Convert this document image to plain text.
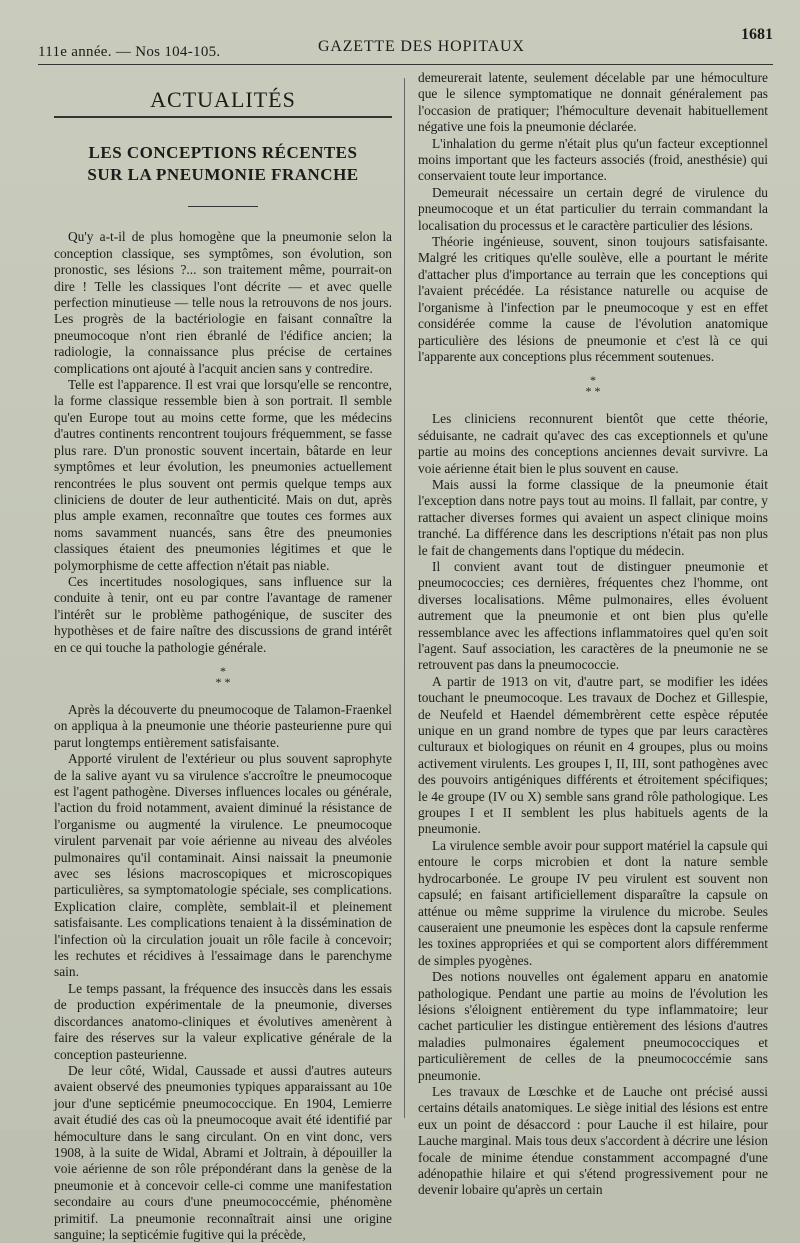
111e année. — Nos 104-105.	GAZETTE DES HOPITAUX
1681
ACTUALITÉS
LES CONCEPTIONS RÉCENTES
SUR LA PNEUMONIE FRANCHE

Qu'y a-t-il de plus homogène que la pneumonie selon la conception classique, ses symptômes, son évolution, son pronostic, ses lésions ?... son traitement même, pourrait-on dire ! Telle les classiques l'ont décrite — et avec quelle perfection minutieuse — telle nous la retrouvons de nos jours. Les progrès de la bactériologie en faisant connaître la pneumocoque n'ont rien ébranlé de l'édifice ancien; la radiologie, la connaissance plus précise de certaines complications ont ajouté à l'acquit ancien sans y contredire.

Telle est l'apparence. Il est vrai que lorsqu'elle se rencontre, la forme classique ressemble bien à son portrait. Il semble qu'en Europe tout au moins cette forme, que les médecins d'autres continents rencontrent toujours fréquemment, se fasse plus rare. D'un pronostic souvent incertain, bâtarde en leur symptômes et leur évolution, les pneumonies actuellement rencontrées le plus souvent ont permis quelque temps aux cliniciens de douter de leur authenticité. Mais on dut, après plus ample examen, reconnaître que toutes ces formes aux noms savamment nuancés, sans être des pneumonies classiques étaient des pneumonies légitimes et que le polymorphisme de cette affection n'était pas niable.

Ces incertitudes nosologiques, sans influence sur la conduite à tenir, ont eu par contre l'avantage de ramener l'intérêt sur le problème pathogénique, de susciter des hypothèses et de faire naître des discussions de grand intérêt en ce qui touche la pathologie générale.

*
* *

Après la découverte du pneumocoque de Talamon-Fraenkel on appliqua à la pneumonie une théorie pasteurienne pure qui parut longtemps entièrement satisfaisante.

Apporté virulent de l'extérieur ou plus souvent saprophyte de la salive ayant vu sa virulence s'accroître le pneumocoque est l'agent pathogène. Diverses influences locales ou générale, l'action du froid notamment, avaient diminué la résistance de l'organisme ou augmenté la virulence. Le pneumocoque virulent parvenait par voie aérienne au niveau des alvéoles pulmonaires qu'il contaminait. Ainsi naissait la pneumonie avec ses lésions macroscopiques et microscopiques particulières, sa symptomatologie spéciale, ses complications. Explication claire, complète, semblait-il et pleinement satisfaisante. Les complications tenaient à la dissémination de l'infection où la circulation jouait un rôle facile à concevoir; les rechutes et récidives à l'essaimage dans le parenchyme sain.

Le temps passant, la fréquence des insuccès dans les essais de production expérimentale de la pneumonie, diverses discordances anatomo-cliniques et évolutives amenèrent à faire des réserves sur la valeur explicative générale de la conception pasteurienne.

De leur côté, Widal, Caussade et aussi d'autres auteurs avaient observé des pneumonies typiques apparaissant au 10e jour d'une septicémie pneumococcique. En 1904, Lemierre avait étudié des cas où la pneumocoque avait été identifié par hémoculture dans le sang circulant. On en vint donc, vers 1908, à la suite de Widal, Abrami et Joltrain, à dépouiller la voie aérienne de son rôle prépondérant dans la genèse de la pneumonie et à concevoir celle-ci comme une manifestation secondaire au cours d'une pneumococcémie, phénomène primitif. La pneumonie reconnaîtrait ainsi une origine sanguine; la septicémie fugitive qui la précède,

demeurerait latente, seulement décelable par une hémoculture que le silence symptomatique ne donnait généralement pas l'occasion de pratiquer; l'hémoculture devenait habituellement négative une fois la pneumonie déclarée.

L'inhalation du germe n'était plus qu'un facteur exceptionnel moins important que les facteurs associés (froid, anesthésie) qui conservaient toute leur importance.

Demeurait nécessaire un certain degré de virulence du pneumocoque et un état particulier du terrain commandant la localisation du processus et le caractère particulier des lésions.

Théorie ingénieuse, souvent, sinon toujours satisfaisante. Malgré les critiques qu'elle soulève, elle a pourtant le mérite d'attacher plus d'importance au terrain que les conceptions qui l'avaient précédée. La résistance naturelle ou acquise de l'organisme à l'infection par le pneumocoque y est en effet considérée comme la cause de l'évolution anatomique particulière des lésions de pneumonie et c'est là ce qui l'apparente aux conceptions plus récemment soutenues.

*
* *

Les cliniciens reconnurent bientôt que cette théorie, séduisante, ne cadrait qu'avec des cas exceptionnels et qu'une partie au moins des conceptions anciennes devait survivre. La voie aérienne était bien le plus souvent en cause.

Mais aussi la forme classique de la pneumonie était l'exception dans notre pays tout au moins. Il fallait, par contre, y rattacher diverses formes qui avaient un aspect clinique moins tranché. La différence dans les descriptions n'était pas non plus le fait de changements dans l'optique du médecin.

Il convient avant tout de distinguer pneumonie et pneumococcies; ces dernières, fréquentes chez l'homme, ont diverses localisations. Même pulmonaires, elles évoluent autrement que la pneumonie et ont bien plus qu'elle ressemblance avec les affections inflammatoires quel qu'en soit l'agent. Sauf association, les caractères de la pneumonie ne se retrouvent pas dans la pneumococcie.

A partir de 1913 on vit, d'autre part, se modifier les idées touchant le pneumocoque. Les travaux de Dochez et Gillespie, de Neufeld et Haendel démembrèrent cette espèce réputée unique en un grand nombre de types que par leurs caractères culturaux et biologiques on réunit en 4 groupes, plus ou moins activement virulents. Les groupes I, II, III, sont pathogènes avec des pouvoirs antigéniques différents et étroitement spécifiques; le 4e groupe (IV ou X) semble sans grand rôle pathologique. Les groupes I et II semblent les plus habituels agents de la pneumonie.

La virulence semble avoir pour support matériel la capsule qui entoure le corps microbien et dont la nature semble hydrocarbonée. Le groupe IV peu virulent est souvent non capsulé; en faisant artificiellement disparaître la capsule on atténue ou même supprime la virulence du microbe. Seules causeraient une pneumonie les espèces dont la capsule renferme les toxines appropriées et qui se comportent alors différemment de simples pyogènes.

Des notions nouvelles ont également apparu en anatomie pathologique. Pendant une partie au moins de l'évolution les lésions s'éloignent entièrement du type inflammatoire; leur cachet particulier les distingue entièrement des lésions d'autres maladies pulmonaires également pneumococciques et particulièrement de celles de la pneumococcémie sans pneumonie.

Les travaux de Lœschke et de Lauche ont précisé aussi certains détails anatomiques. Le siège initial des lésions est entre eux un point de désaccord : pour Lauche il est hilaire, pour Lauche marginal. Mais tous deux s'accordent à décrire une lésion focale de minime étendue constamment accompagné d'une adénopathie hilaire et qui s'étend progressivement pour ne devenir lobaire qu'après un certain
